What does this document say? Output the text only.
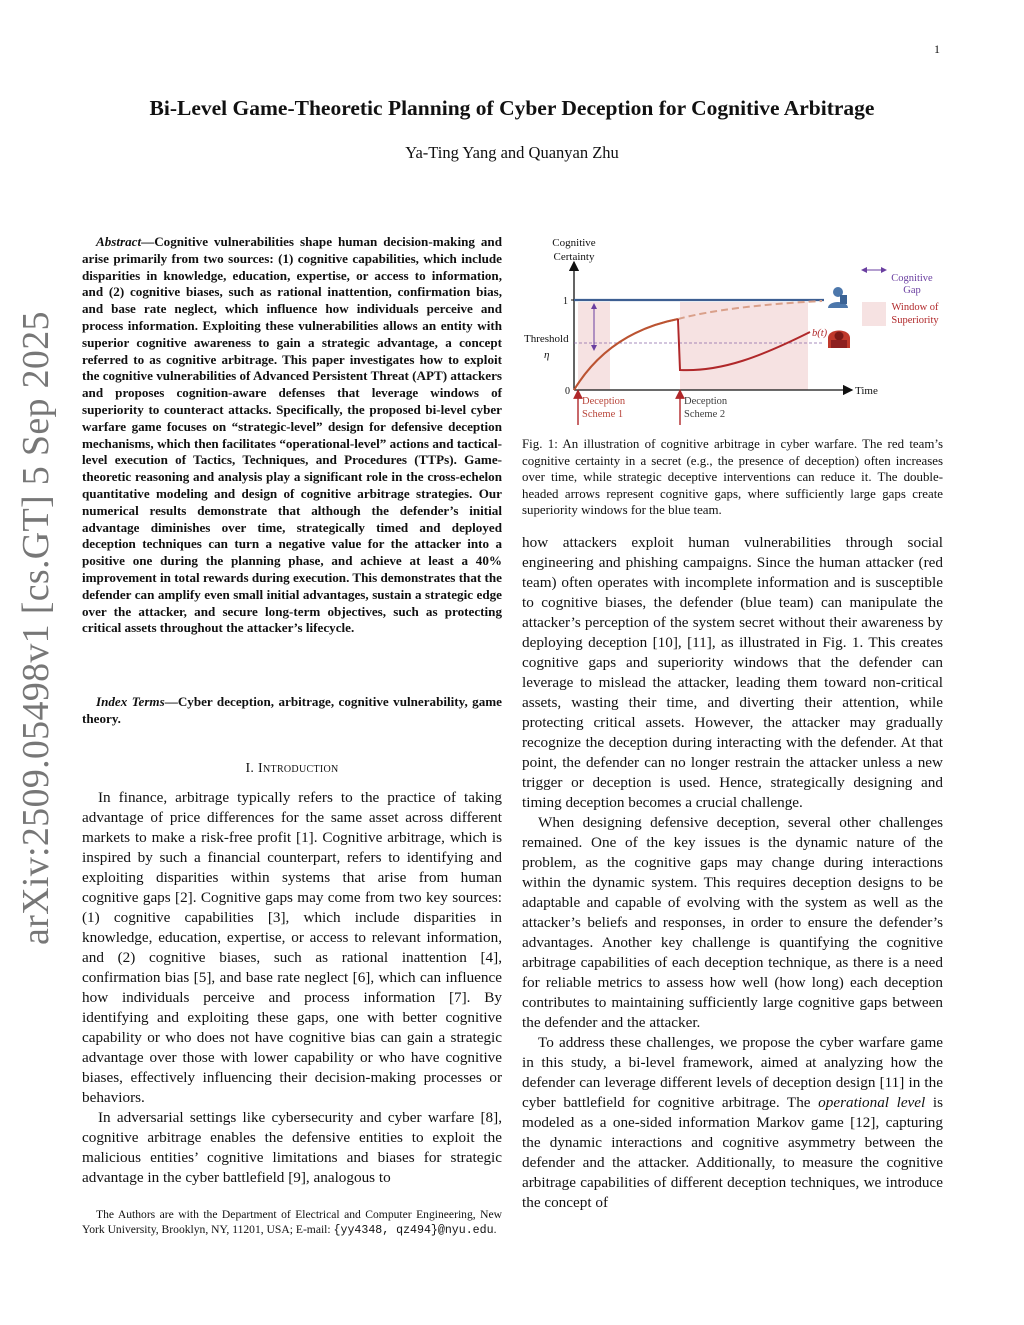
1
Bi-Level Game-Theoretic Planning of Cyber Deception for Cognitive Arbitrage
Ya-Ting Yang and Quanyan Zhu
arXiv:2509.05498v1 [cs.GT] 5 Sep 2025

Abstract—Cognitive vulnerabilities shape human decision-making and arise primarily from two sources: (1) cognitive capabilities, which include disparities in knowledge, education, expertise, or access to information, and (2) cognitive biases, such as rational inattention, confirmation bias, and base rate neglect, which influence how individuals perceive and process information. Exploiting these vulnerabilities allows an entity with superior cognitive awareness to gain a strategic advantage, a concept referred to as cognitive arbitrage. This paper investigates how to exploit the cognitive vulnerabilities of Advanced Persistent Threat (APT) attackers and proposes cognition-aware defenses that leverage windows of superiority to counteract attacks. Specifically, the proposed bi-level cyber warfare game focuses on “strategic-level” design for defensive deception mechanisms, which then facilitates “operational-level” actions and tactical-level execution of Tactics, Techniques, and Procedures (TTPs). Game-theoretic reasoning and analysis play a significant role in the cross-echelon quantitative modeling and design of cognitive arbitrage strategies. Our numerical results demonstrate that although the defender’s initial advantage diminishes over time, strategically timed and deployed deception techniques can turn a negative value for the attacker into a positive one during the planning phase, and achieve at least a 40% improvement in total rewards during execution. This demonstrates that the defender can amplify even small initial advantages, sustain a strategic edge over the attacker, and secure long-term objectives, such as protecting critical assets throughout the attacker’s lifecycle.

Index Terms—Cyber deception, arbitrage, cognitive vulnerability, game theory.

I. Introduction

In finance, arbitrage typically refers to the practice of taking advantage of price differences for the same asset across different markets to make a risk-free profit [1]. Cognitive arbitrage, which is inspired by such a financial counterpart, refers to identifying and exploiting disparities within systems that arise from human cognitive gaps [2]. Cognitive gaps may come from two key sources: (1) cognitive capabilities [3], which include disparities in knowledge, education, expertise, or access to relevant information, and (2) cognitive biases, such as rational inattention [4], confirmation bias [5], and base rate neglect [6], which can influence how individuals perceive and process information [7]. By identifying and exploiting these gaps, one with better cognitive capability or who does not have cognitive bias can gain a strategic advantage over those with lower capability or who have cognitive biases, effectively influencing their decision-making processes or behaviors.

In adversarial settings like cybersecurity and cyber warfare [8], cognitive arbitrage enables the defensive entities to exploit the malicious entities’ cognitive limitations and biases for strategic advantage in the cyber battlefield [9], analogous to

The Authors are with the Department of Electrical and Computer Engineering, New York University, Brooklyn, NY, 11201, USA; E-mail: {yy4348, qz494}@nyu.edu.

Cognitive
Certainty
1
0
Threshold
η
Time
b(t)
Deception
Scheme 1
Deception
Scheme 2
Cognitive
Gap
Window of
Superiority
Fig. 1: An illustration of cognitive arbitrage in cyber warfare. The red team’s cognitive certainty in a secret (e.g., the presence of deception) often increases over time, while strategic deceptive interventions can reduce it. The double-headed arrows represent cognitive gaps, where sufficiently large gaps create superiority windows for the blue team.

how attackers exploit human vulnerabilities through social engineering and phishing campaigns. Since the human attacker (red team) often operates with incomplete information and is susceptible to cognitive biases, the defender (blue team) can manipulate the attacker’s perception of the system secret without their awareness by deploying deception [10], [11], as illustrated in Fig. 1. This creates cognitive gaps and superiority windows that the defender can leverage to mislead the attacker, leading them toward non-critical assets, wasting their time, and diverting their attention, while protecting critical assets. However, the attacker may gradually recognize the deception during interacting with the defender. At that point, the defender can no longer restrain the attacker unless a new trigger or deception is used. Hence, strategically designing and timing deception becomes a crucial challenge.

When designing defensive deception, several other challenges remained. One of the key issues is the dynamic nature of the problem, as the cognitive gaps may change during interactions within the dynamic system. This requires deception designs to be adaptable and capable of evolving with the system as well as the attacker’s beliefs and responses, in order to ensure the defender’s advantages. Another key challenge is quantifying the cognitive arbitrage capabilities of each deception technique, as there is a need for reliable metrics to assess how well (how long) each deception contributes to maintaining sufficiently large cognitive gaps between the defender and the attacker.

To address these challenges, we propose the cyber warfare game in this study, a bi-level framework, aimed at analyzing how the defender can leverage different levels of deception design [11] in the cyber battlefield for cognitive arbitrage. The operational level is modeled as a one-sided information Markov game [12], capturing the dynamic interactions and cognitive asymmetry between the defender and the attacker. Additionally, to measure the cognitive arbitrage capabilities of different deception techniques, we introduce the concept of
